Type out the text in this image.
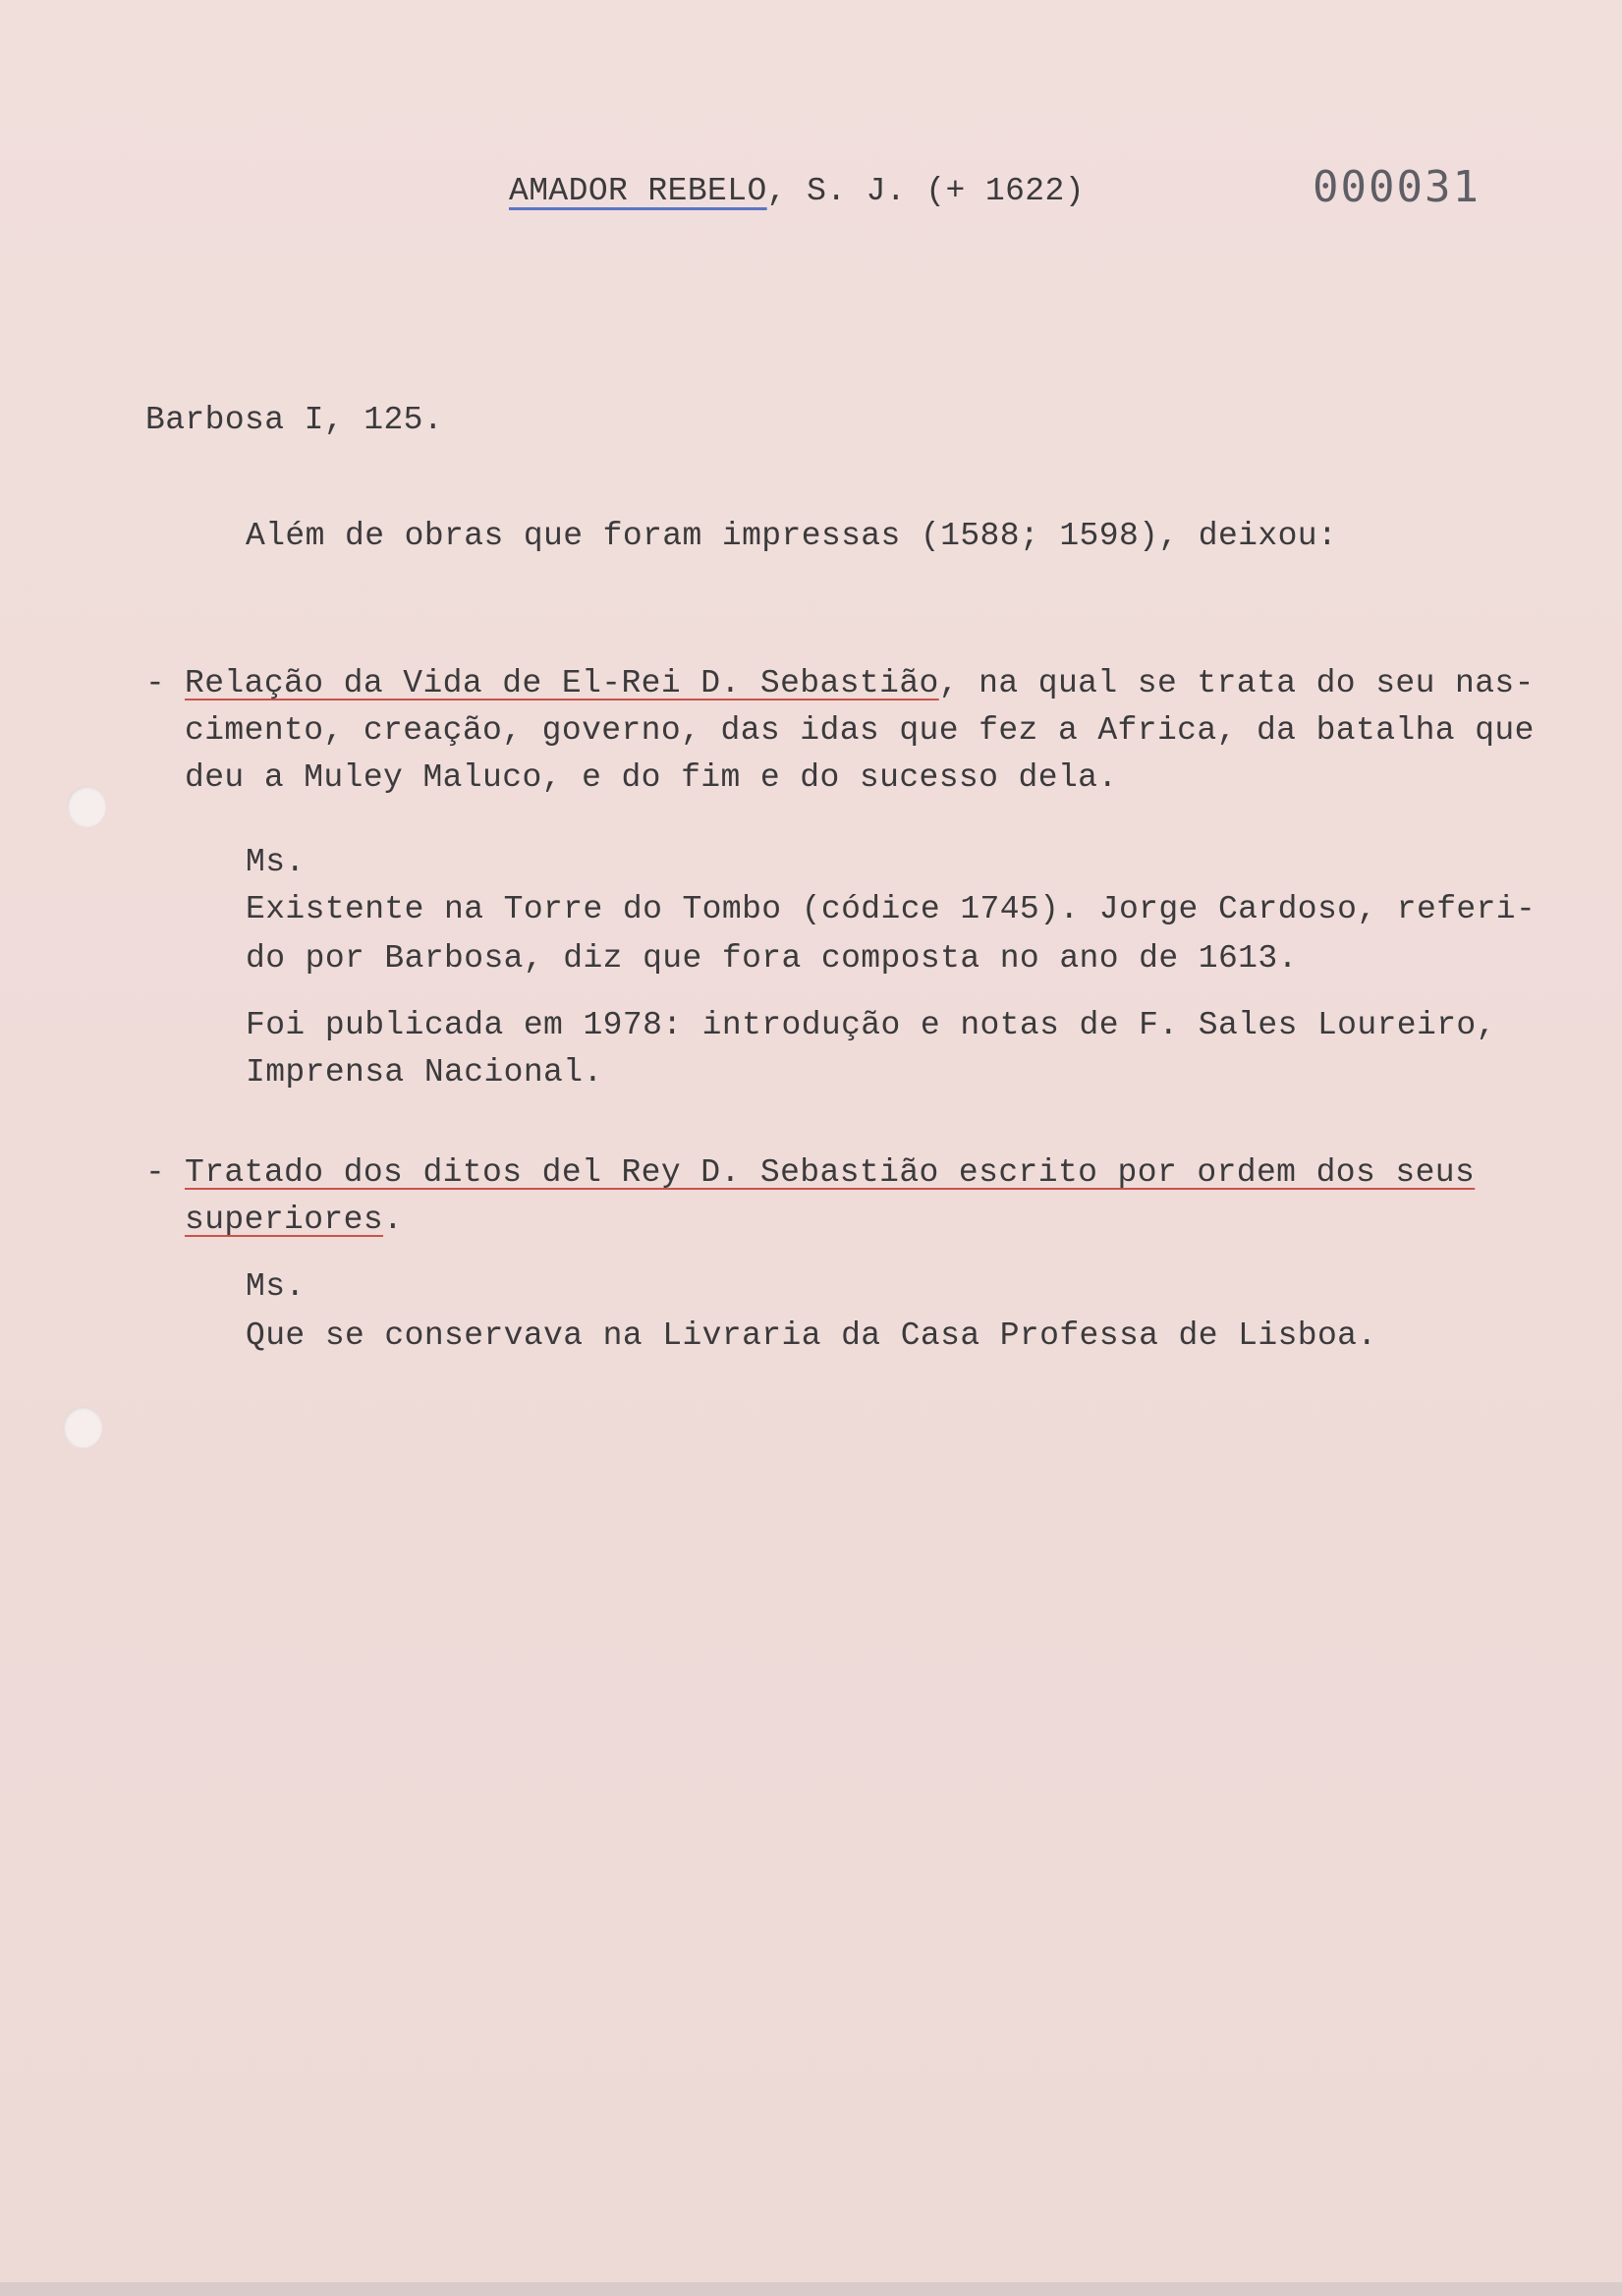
AMADOR REBELO, S. J. (+ 1622)	000031
Barbosa I, 125.
Além de obras que foram impressas (1588; 1598), deixou:
- Relação da Vida de El-Rei D. Sebastião, na qual se trata do seu nas-
cimento, creação, governo, das idas que fez a Africa, da batalha que
deu a Muley Maluco, e do fim e do sucesso dela.
Ms.
Existente na Torre do Tombo (códice 1745). Jorge Cardoso, referi-
do por Barbosa, diz que fora composta no ano de 1613.
Foi publicada em 1978: introdução e notas de F. Sales Loureiro,
Imprensa Nacional.
- Tratado dos ditos del Rey D. Sebastião escrito por ordem dos seus
superiores.
Ms.
Que se conservava na Livraria da Casa Professa de Lisboa.
